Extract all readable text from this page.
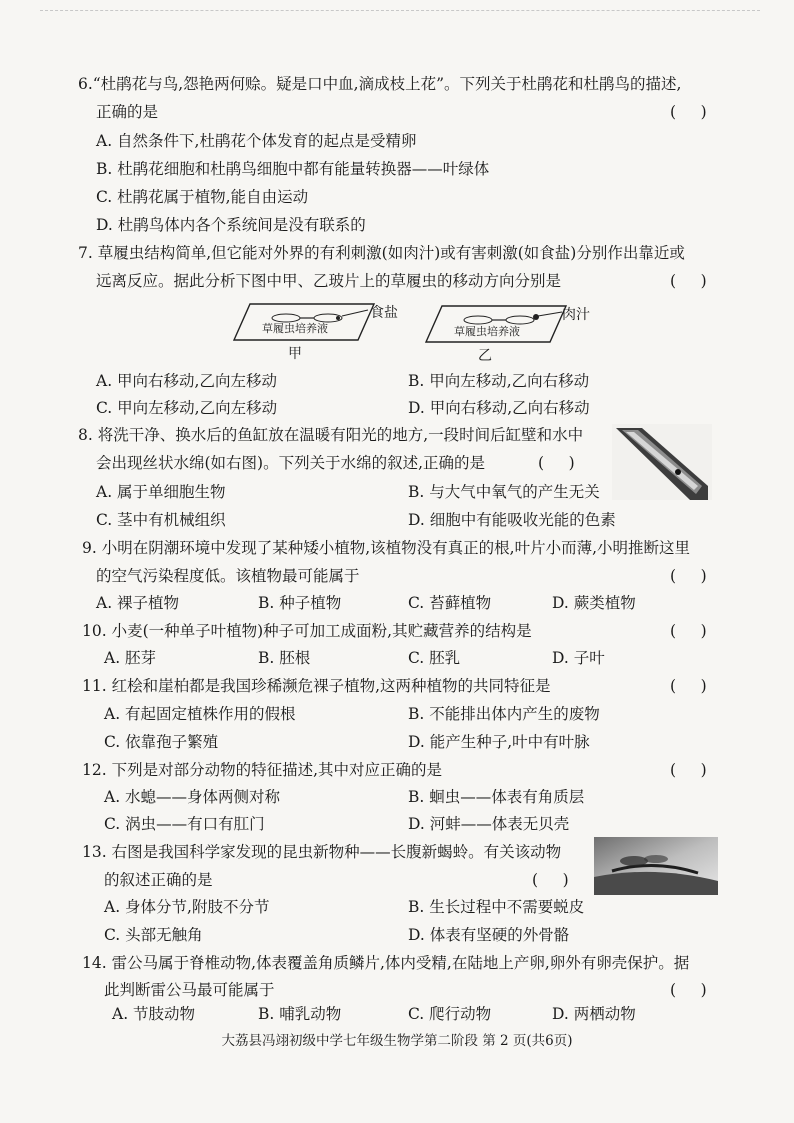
6.“杜鹃花与鸟,怨艳两何赊。疑是口中血,滴成枝上花”。下列关于杜鹃花和杜鹃鸟的描述,
正确的是	(     )
A. 自然条件下,杜鹃花个体发育的起点是受精卵
B. 杜鹃花细胞和杜鹃鸟细胞中都有能量转换器——叶绿体
C. 杜鹃花属于植物,能自由运动
D. 杜鹃鸟体内各个系统间是没有联系的
7. 草履虫结构简单,但它能对外界的有利刺激(如肉汁)或有害刺激(如食盐)分别作出靠近或
远离反应。据此分析下图中甲、乙玻片上的草履虫的移动方向分别是	(     )
草履虫培养液
食盐
甲
草履虫培养液
肉汁
乙
A. 甲向右移动,乙向左移动	B. 甲向左移动,乙向右移动
C. 甲向左移动,乙向左移动	D. 甲向右移动,乙向右移动
8. 将洗干净、换水后的鱼缸放在温暖有阳光的地方,一段时间后缸壁和水中
会出现丝状水绵(如右图)。下列关于水绵的叙述,正确的是	(     )
A. 属于单细胞生物	B. 与大气中氧气的产生无关
C. 茎中有机械组织	D. 细胞中有能吸收光能的色素
9. 小明在阴潮环境中发现了某种矮小植物,该植物没有真正的根,叶片小而薄,小明推断这里
的空气污染程度低。该植物最可能属于	(     )
A. 裸子植物	B. 种子植物	C. 苔藓植物	D. 蕨类植物
10. 小麦(一种单子叶植物)种子可加工成面粉,其贮藏营养的结构是	(     )
A. 胚芽	B. 胚根	C. 胚乳	D. 子叶
11. 红桧和崖柏都是我国珍稀濒危裸子植物,这两种植物的共同特征是	(     )
A. 有起固定植株作用的假根	B. 不能排出体内产生的废物
C. 依靠孢子繁殖	D. 能产生种子,叶中有叶脉
12. 下列是对部分动物的特征描述,其中对应正确的是	(     )
A. 水螅——身体两侧对称	B. 蛔虫——体表有角质层
C. 涡虫——有口有肛门	D. 河蚌——体表无贝壳
13. 右图是我国科学家发现的昆虫新物种——长腹新蝎蛉。有关该动物
的叙述正确的是	(     )
A. 身体分节,附肢不分节	B. 生长过程中不需要蜕皮
C. 头部无触角	D. 体表有坚硬的外骨骼
14. 雷公马属于脊椎动物,体表覆盖角质鳞片,体内受精,在陆地上产卵,卵外有卵壳保护。据
此判断雷公马最可能属于	(     )
A. 节肢动物	B. 哺乳动物	C. 爬行动物	D. 两栖动物
大荔县冯翊初级中学七年级生物学第二阶段 第 2 页(共6页)
